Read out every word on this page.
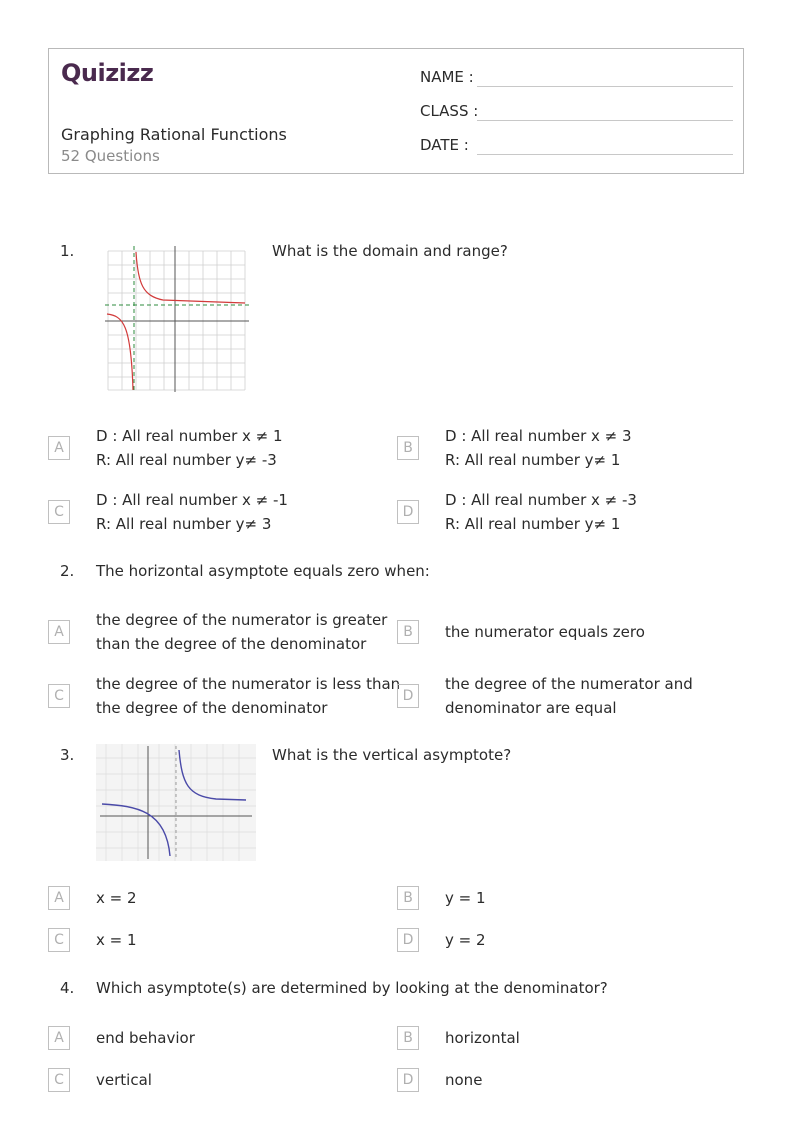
Quizizz
Graphing Rational Functions
52 Questions
NAME :
CLASS :
DATE :
1.	What is the domain and range?
A
D : All real number x ≠ 1
R: All real number y≠ -3
B
D : All real number x ≠ 3
R: All real number y≠ 1
C
D : All real number x ≠ -1
R: All real number y≠ 3
D
D : All real number x ≠ -3
R: All real number y≠ 1
2. The horizontal asymptote equals zero when:
A
the degree of the numerator is greater
than the degree of the denominator
B	the numerator equals zero
C
the degree of the numerator is less than
the degree of the denominator
D
the degree of the numerator and
denominator are equal
3.	What is the vertical asymptote?
A	x = 2	B	y = 1
C	x = 1	D	y = 2
4. Which asymptote(s) are determined by looking at the denominator?
A	end behavior	B	horizontal
C	vertical	D	none
